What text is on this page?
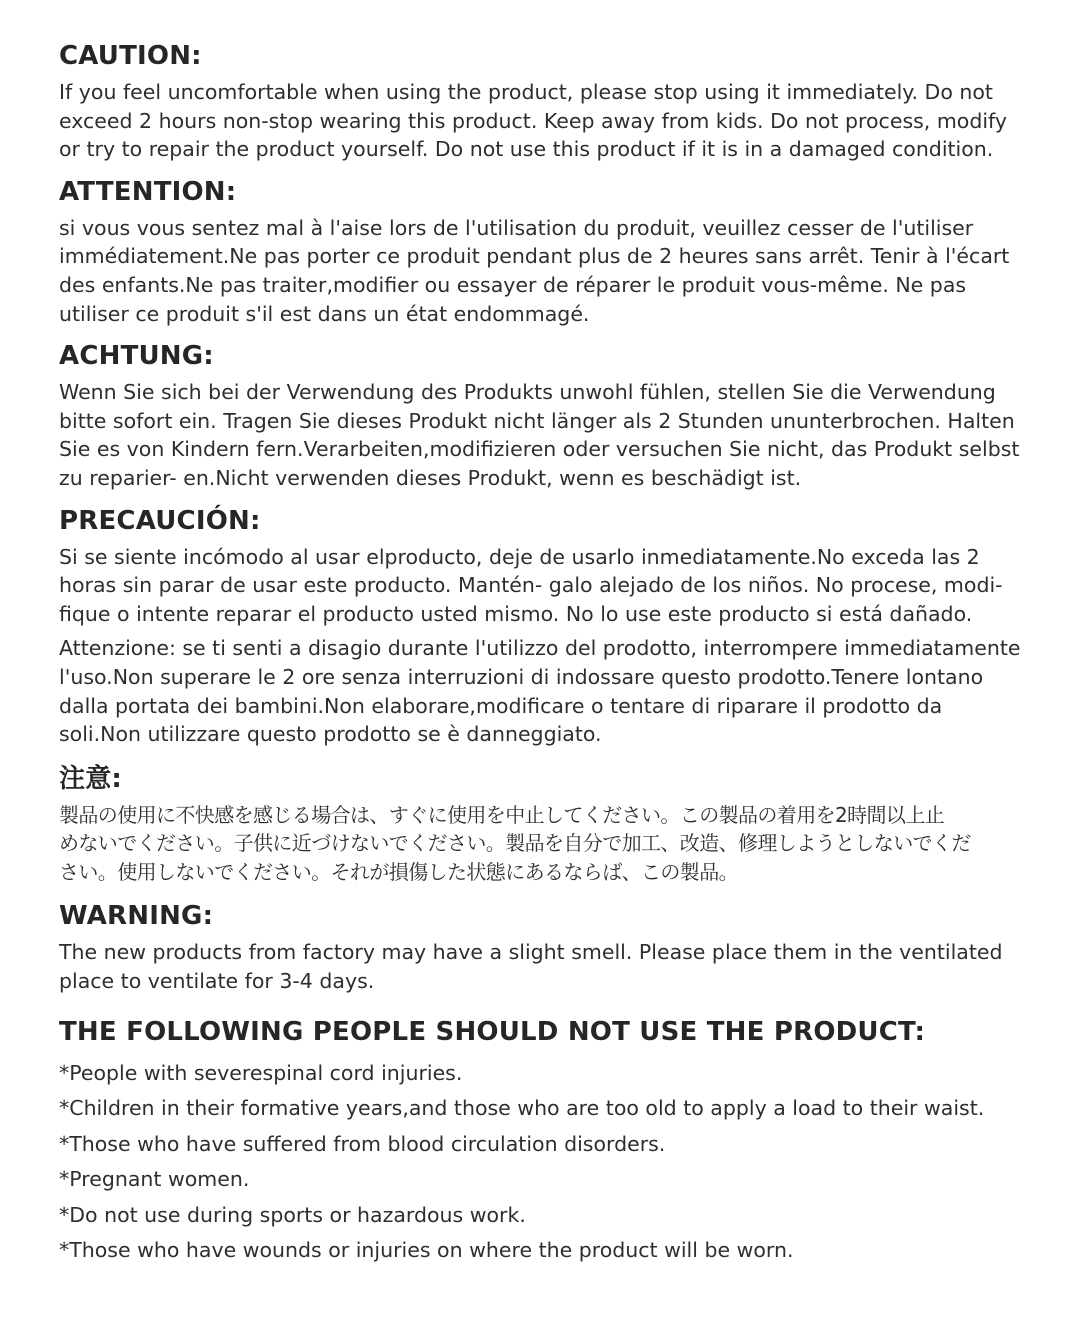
CAUTION:
If you feel uncomfortable when using the product, please stop using it immediately. Do not
exceed 2 hours non-stop wearing this product. Keep away from kids. Do not process, modify
or try to repair the product yourself. Do not use this product if it is in a damaged condition.
ATTENTION:
si vous vous sentez mal à l'aise lors de l'utilisation du produit, veuillez cesser de l'utiliser
immédiatement.Ne pas porter ce produit pendant plus de 2 heures sans arrêt. Tenir à l'écart
des enfants.Ne pas traiter,modifier ou essayer de réparer le produit vous-même. Ne pas
utiliser ce produit s'il est dans un état endommagé.
ACHTUNG:
Wenn Sie sich bei der Verwendung des Produkts unwohl fühlen, stellen Sie die Verwendung
bitte sofort ein. Tragen Sie dieses Produkt nicht länger als 2 Stunden ununterbrochen. Halten
Sie es von Kindern fern.Verarbeiten,modifizieren oder versuchen Sie nicht, das Produkt selbst
zu reparier- en.Nicht verwenden dieses Produkt, wenn es beschädigt ist.
PRECAUCIÓN:
Si se siente incómodo al usar elproducto, deje de usarlo inmediatamente.No exceda las 2
horas sin parar de usar este producto. Mantén- galo alejado de los niños. No procese, modi-
fique o intente reparar el producto usted mismo. No lo use este producto si está dañado.
Attenzione: se ti senti a disagio durante l'utilizzo del prodotto, interrompere immediatamente
l'uso.Non superare le 2 ore senza interruzioni di indossare questo prodotto.Tenere lontano
dalla portata dei bambini.Non elaborare,modificare o tentare di riparare il prodotto da
soli.Non utilizzare questo prodotto se è danneggiato.
注意:
製品の使用に不快感を感じる場合は、すぐに使用を中止してください。この製品の着用を2時間以上止
めないでください。子供に近づけないでください。製品を自分で加工、改造、修理しようとしないでくだ
さい。使用しないでください。それが損傷した状態にあるならば、この製品。
WARNING:
The new products from factory may have a slight smell. Please place them in the ventilated
place to ventilate for 3-4 days.
THE FOLLOWING PEOPLE SHOULD NOT USE THE PRODUCT:
*People with severespinal cord injuries.
*Children in their formative years,and those who are too old to apply a load to their waist.
*Those who have suffered from blood circulation disorders.
*Pregnant women.
*Do not use during sports or hazardous work.
*Those who have wounds or injuries on where the product will be worn.
